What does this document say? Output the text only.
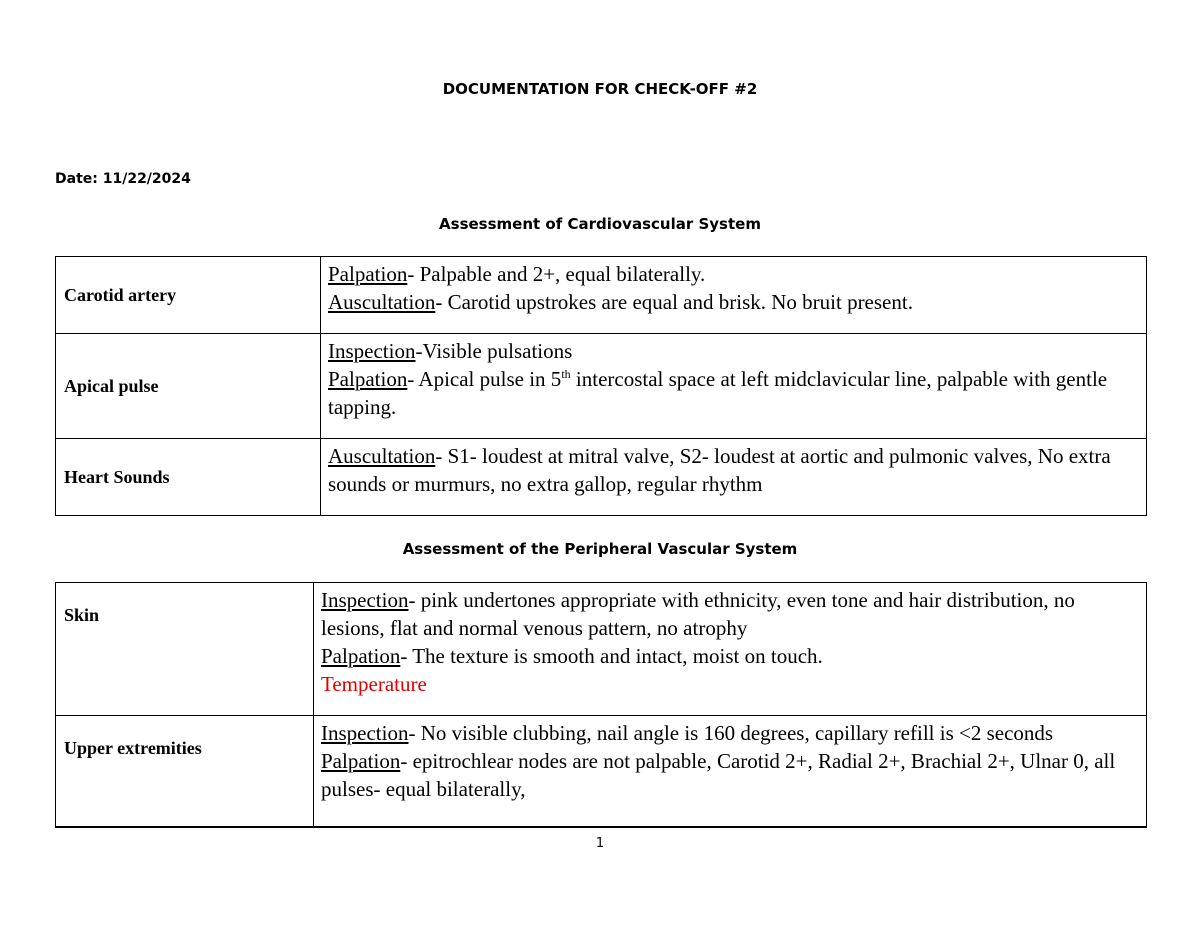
DOCUMENTATION FOR CHECK-OFF #2
Date: 11/22/2024
Assessment of Cardiovascular System
Carotid artery	Palpation- Palpable and 2+, equal bilaterally.
Auscultation- Carotid upstrokes are equal and brisk. No bruit present.
Apical pulse	Inspection-Visible pulsations
Palpation- Apical pulse in 5th intercostal space at left midclavicular line, palpable with gentle tapping.
Heart Sounds	Auscultation- S1- loudest at mitral valve, S2- loudest at aortic and pulmonic valves, No extra sounds or murmurs, no extra gallop, regular rhythm
Assessment of the Peripheral Vascular System
Skin	Inspection- pink undertones appropriate with ethnicity, even tone and hair distribution, no lesions, flat and normal venous pattern, no atrophy
Palpation- The texture is smooth and intact, moist on touch.
Temperature
Upper extremities	Inspection- No visible clubbing, nail angle is 160 degrees, capillary refill is <2 seconds
Palpation- epitrochlear nodes are not palpable, Carotid 2+, Radial 2+, Brachial 2+, Ulnar 0, all pulses- equal bilaterally,
1
